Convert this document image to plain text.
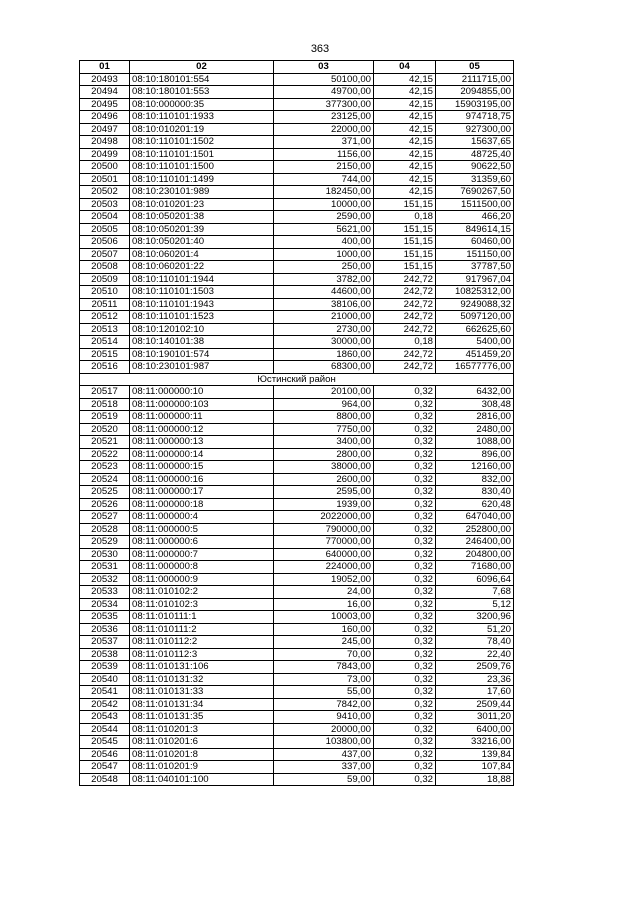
363
01	02	03	04	05
20493	08:10:180101:554	50100,00	42,15	2111715,00
20494	08:10:180101:553	49700,00	42,15	2094855,00
20495	08:10:000000:35	377300,00	42,15	15903195,00
20496	08:10:110101:1933	23125,00	42,15	974718,75
20497	08:10:010201:19	22000,00	42,15	927300,00
20498	08:10:110101:1502	371,00	42,15	15637,65
20499	08:10:110101:1501	1156,00	42,15	48725,40
20500	08:10:110101:1500	2150,00	42,15	90622,50
20501	08:10:110101:1499	744,00	42,15	31359,60
20502	08:10:230101:989	182450,00	42,15	7690267,50
20503	08:10:010201:23	10000,00	151,15	1511500,00
20504	08:10:050201:38	2590,00	0,18	466,20
20505	08:10:050201:39	5621,00	151,15	849614,15
20506	08:10:050201:40	400,00	151,15	60460,00
20507	08:10:060201:4	1000,00	151,15	151150,00
20508	08:10:060201:22	250,00	151,15	37787,50
20509	08:10:110101:1944	3782,00	242,72	917967,04
20510	08:10:110101:1503	44600,00	242,72	10825312,00
20511	08:10:110101:1943	38106,00	242,72	9249088,32
20512	08:10:110101:1523	21000,00	242,72	5097120,00
20513	08:10:120102:10	2730,00	242,72	662625,60
20514	08:10:140101:38	30000,00	0,18	5400,00
20515	08:10:190101:574	1860,00	242,72	451459,20
20516	08:10:230101:987	68300,00	242,72	16577776,00
Юстинский район				
20517	08:11:000000:10	20100,00	0,32	6432,00
20518	08:11:000000:103	964,00	0,32	308,48
20519	08:11:000000:11	8800,00	0,32	2816,00
20520	08:11:000000:12	7750,00	0,32	2480,00
20521	08:11:000000:13	3400,00	0,32	1088,00
20522	08:11:000000:14	2800,00	0,32	896,00
20523	08:11:000000:15	38000,00	0,32	12160,00
20524	08:11:000000:16	2600,00	0,32	832,00
20525	08:11:000000:17	2595,00	0,32	830,40
20526	08:11:000000:18	1939,00	0,32	620,48
20527	08:11:000000:4	2022000,00	0,32	647040,00
20528	08:11:000000:5	790000,00	0,32	252800,00
20529	08:11:000000:6	770000,00	0,32	246400,00
20530	08:11:000000:7	640000,00	0,32	204800,00
20531	08:11:000000:8	224000,00	0,32	71680,00
20532	08:11:000000:9	19052,00	0,32	6096,64
20533	08:11:010102:2	24,00	0,32	7,68
20534	08:11:010102:3	16,00	0,32	5,12
20535	08:11:010111:1	10003,00	0,32	3200,96
20536	08:11:010111:2	160,00	0,32	51,20
20537	08:11:010112:2	245,00	0,32	78,40
20538	08:11:010112:3	70,00	0,32	22,40
20539	08:11:010131:106	7843,00	0,32	2509,76
20540	08:11:010131:32	73,00	0,32	23,36
20541	08:11:010131:33	55,00	0,32	17,60
20542	08:11:010131:34	7842,00	0,32	2509,44
20543	08:11:010131:35	9410,00	0,32	3011,20
20544	08:11:010201:3	20000,00	0,32	6400,00
20545	08:11:010201:6	103800,00	0,32	33216,00
20546	08:11:010201:8	437,00	0,32	139,84
20547	08:11:010201:9	337,00	0,32	107,84
20548	08:11:040101:100	59,00	0,32	18,88
